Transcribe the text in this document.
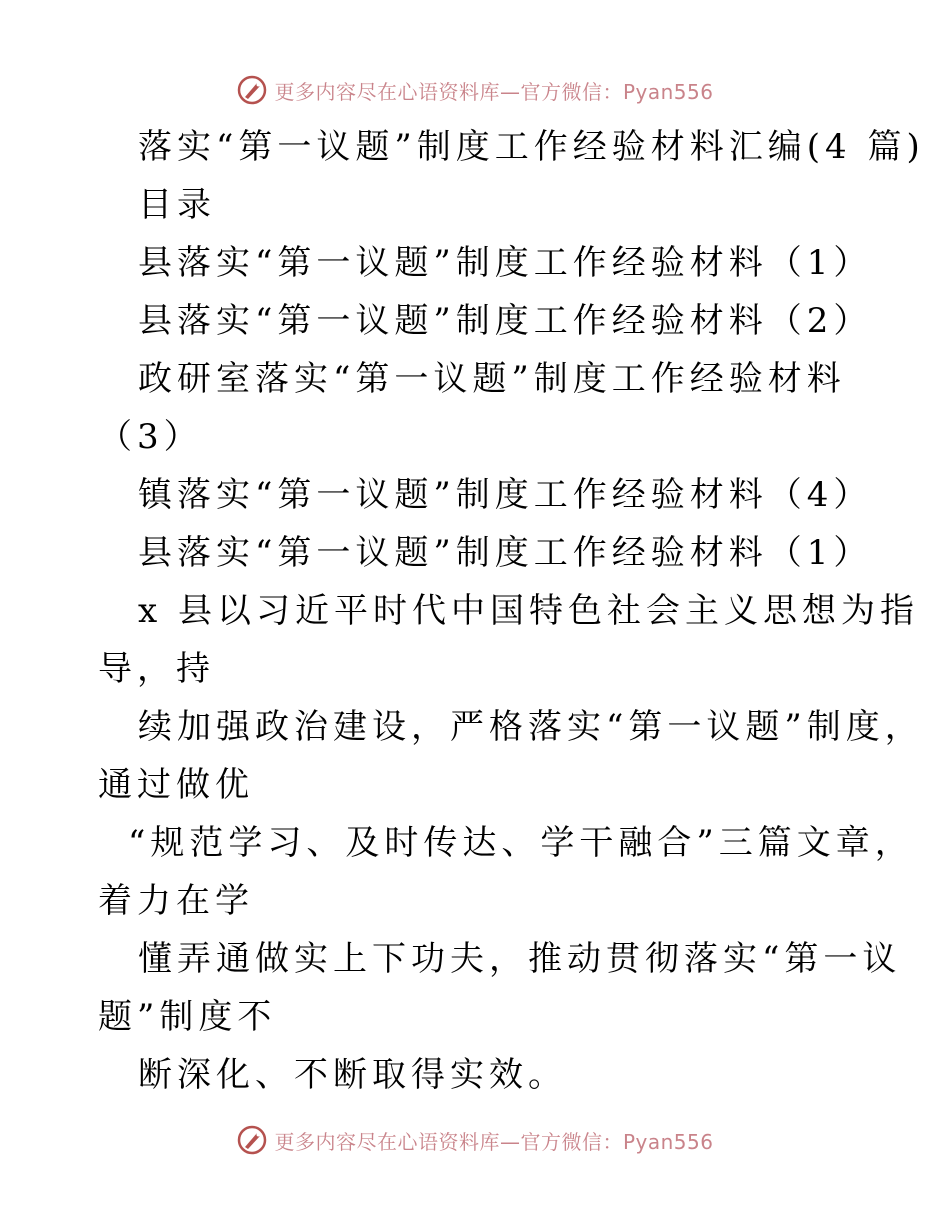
更多内容尽在心语资料库—官方微信：Pyan556
落实“第一议题”制度工作经验材料汇编(4 篇)
目录
县落实“第一议题”制度工作经验材料（1）
县落实“第一议题”制度工作经验材料（2）
政研室落实“第一议题”制度工作经验材料
（3）
镇落实“第一议题”制度工作经验材料（4）
县落实“第一议题”制度工作经验材料（1）
x 县以习近平时代中国特色社会主义思想为指
导，持
续加强政治建设，严格落实“第一议题”制度，
通过做优
“规范学习、及时传达、学干融合”三篇文章，
着力在学
懂弄通做实上下功夫，推动贯彻落实“第一议
题”制度不
断深化、不断取得实效。
更多内容尽在心语资料库—官方微信：Pyan556
